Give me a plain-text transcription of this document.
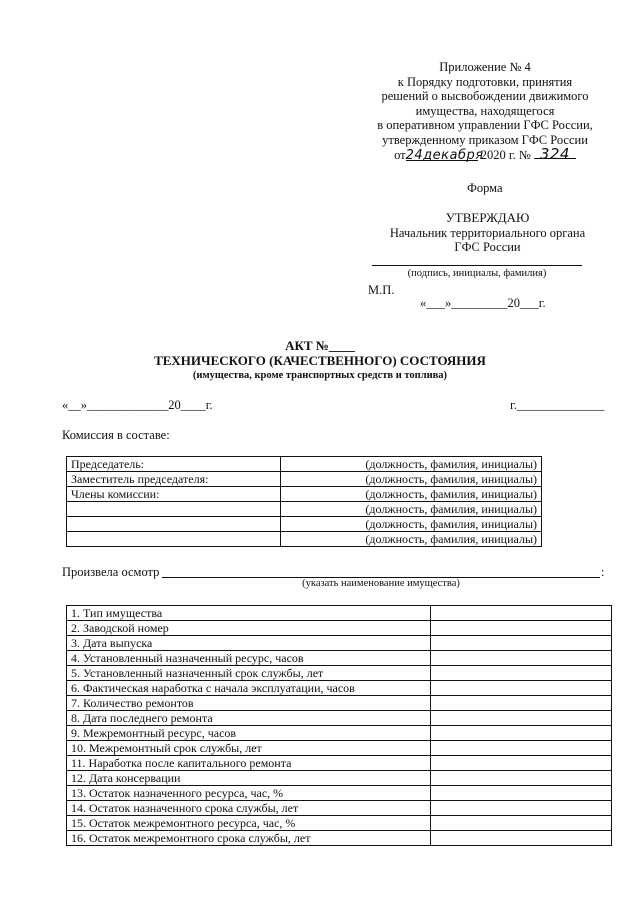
Приложение № 4
к Порядку подготовки, принятия
решений о высвобождении движимого
имущества, находящегося
в оперативном управлении ГФС России,
утвержденному приказом ГФС России
от24декабря 2020 г. № 324
Форма
УТВЕРЖДАЮ
Начальник территориального органа
ГФС России
(подпись, инициалы, фамилия)
М.П.
«___»_________20___г.
АКТ №____
ТЕХНИЧЕСКОГО (КАЧЕСТВЕННОГО) СОСТОЯНИЯ
(имущества, кроме транспортных средств и топлива)
«__»_____________20____г.	г.______________
Комиссия в составе:
Председатель:	(должность, фамилия, инициалы)
Заместитель председателя:	(должность, фамилия, инициалы)
Члены комиссии:	(должность, фамилия, инициалы)
	(должность, фамилия, инициалы)
	(должность, фамилия, инициалы)
	(должность, фамилия, инициалы)
Произвела осмотр	:
(указать наименование имущества)
1. Тип имущества	
2. Заводской номер	
3. Дата выпуска	
4. Установленный назначенный ресурс, часов	
5. Установленный назначенный срок службы, лет	
6. Фактическая наработка с начала эксплуатации, часов	
7. Количество ремонтов	
8. Дата последнего ремонта	
9. Межремонтный ресурс, часов	
10. Межремонтный срок службы, лет	
11. Наработка после капитального ремонта	
12. Дата консервации	
13. Остаток назначенного ресурса, час, %	
14. Остаток назначенного срока службы, лет	
15. Остаток межремонтного ресурса, час, %	
16. Остаток межремонтного срока службы, лет	
